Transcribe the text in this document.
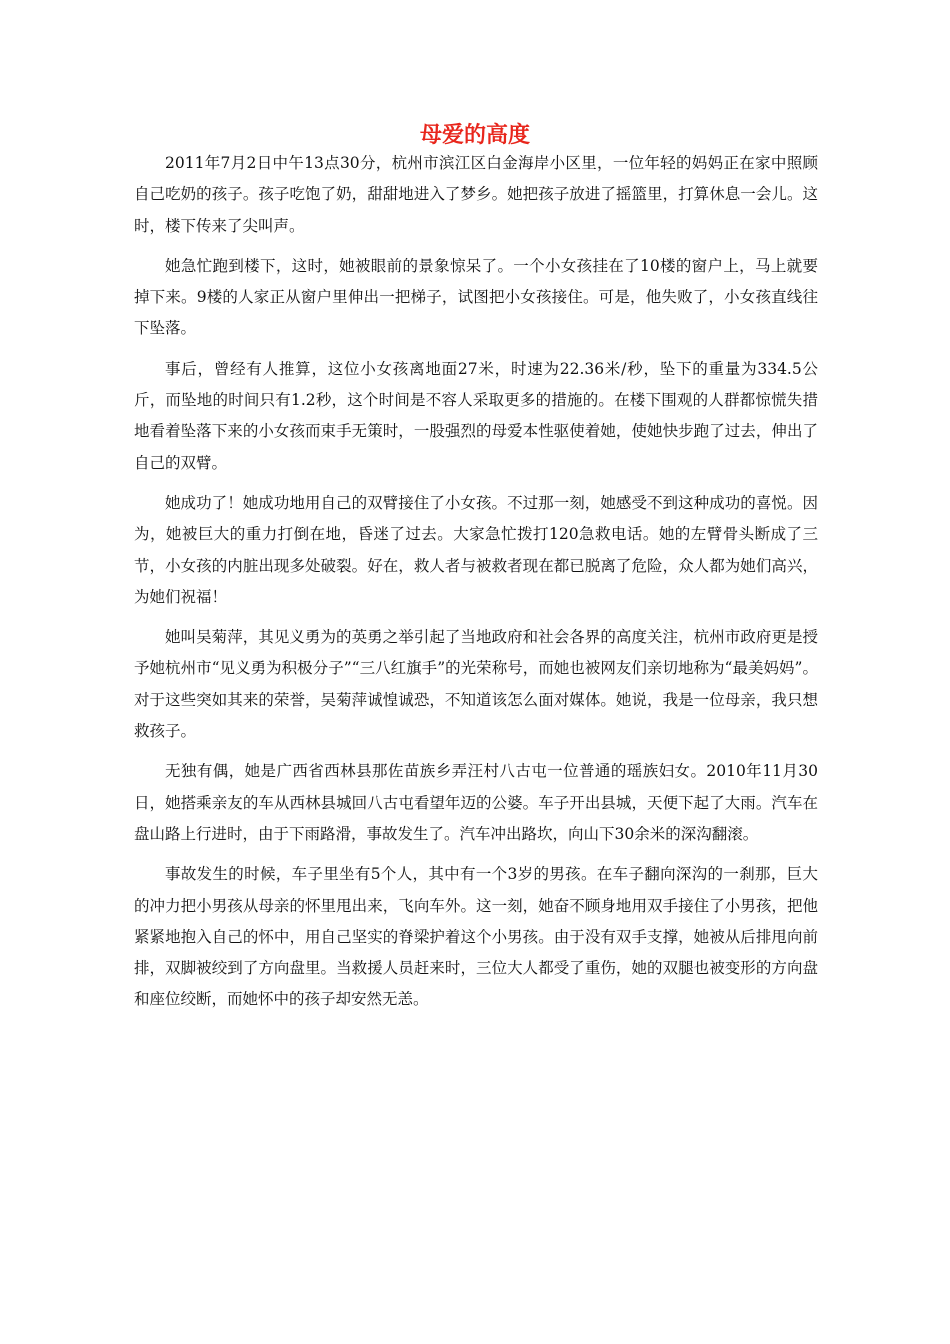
母爱的高度

2011年7月2日中午13点30分，杭州市滨江区白金海岸小区里，一位年轻的妈妈正在家中照顾自己吃奶的孩子。孩子吃饱了奶，甜甜地进入了梦乡。她把孩子放进了摇篮里，打算休息一会儿。这时，楼下传来了尖叫声。

她急忙跑到楼下，这时，她被眼前的景象惊呆了。一个小女孩挂在了10楼的窗户上，马上就要掉下来。9楼的人家正从窗户里伸出一把梯子，试图把小女孩接住。可是，他失败了，小女孩直线往下坠落。

事后，曾经有人推算，这位小女孩离地面27米，时速为22.36米/秒，坠下的重量为334.5公斤，而坠地的时间只有1.2秒，这个时间是不容人采取更多的措施的。在楼下围观的人群都惊慌失措地看着坠落下来的小女孩而束手无策时，一股强烈的母爱本性驱使着她，使她快步跑了过去，伸出了自己的双臂。

她成功了！她成功地用自己的双臂接住了小女孩。不过那一刻，她感受不到这种成功的喜悦。因为，她被巨大的重力打倒在地，昏迷了过去。大家急忙拨打120急救电话。她的左臂骨头断成了三节，小女孩的内脏出现多处破裂。好在，救人者与被救者现在都已脱离了危险，众人都为她们高兴，为她们祝福！

她叫吴菊萍，其见义勇为的英勇之举引起了当地政府和社会各界的高度关注，杭州市政府更是授予她杭州市“见义勇为积极分子”“三八红旗手”的光荣称号，而她也被网友们亲切地称为“最美妈妈”。对于这些突如其来的荣誉，吴菊萍诚惶诚恐，不知道该怎么面对媒体。她说，我是一位母亲，我只想救孩子。

无独有偶，她是广西省西林县那佐苗族乡弄汪村八古屯一位普通的瑶族妇女。2010年11月30日，她搭乘亲友的车从西林县城回八古屯看望年迈的公婆。车子开出县城，天便下起了大雨。汽车在盘山路上行进时，由于下雨路滑，事故发生了。汽车冲出路坎，向山下30余米的深沟翻滚。

事故发生的时候，车子里坐有5个人，其中有一个3岁的男孩。在车子翻向深沟的一刹那，巨大的冲力把小男孩从母亲的怀里甩出来，飞向车外。这一刻，她奋不顾身地用双手接住了小男孩，把他紧紧地抱入自己的怀中，用自己坚实的脊梁护着这个小男孩。由于没有双手支撑，她被从后排甩向前排，双脚被绞到了方向盘里。当救援人员赶来时，三位大人都受了重伤，她的双腿也被变形的方向盘和座位绞断，而她怀中的孩子却安然无恙。
